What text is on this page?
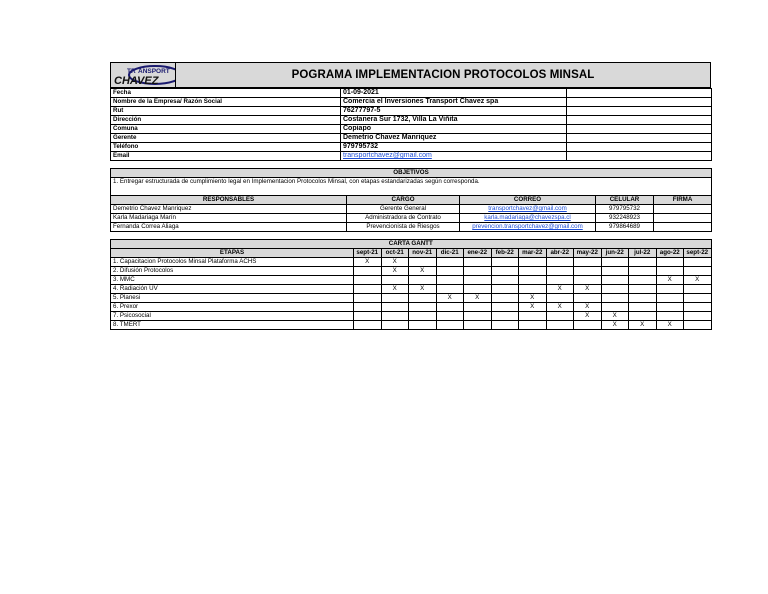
TR ANSPORT
CHAVEZ	POGRAMA IMPLEMENTACION PROTOCOLOS MINSAL
Fecha	01-09-2021	
Nombre de la Empresa/ Razón Social	Comercia el Inversiones Transport Chavez spa	
Rut	76277797-5	
Dirección	Costanera Sur 1732, Villa La Viñita	
Comuna	Copiapo	
Gerente	Demetrio Chavez Manriquez	
Teléfono	979795732	
Email	transportchavez@gmail.com	
OBJETIVOS				
1. Entregar estructurada de cumplimiento legal en Implementacion Protocolos Minsal, con etapas estandarizadas según corresponda.				
RESPONSABLES	CARGO	CORREO	CELULAR	FIRMA
Demetrio Chavez Manriquez	Gerente General	transportchavez@gmail.com	979795732	
Karla Madariaga Marín	Administradora de Contrato	karla.madariaga@chavezspa.cl	932248923	
Fernanda Correa Aliaga	Prevencionista de Riesgos	prevencion.transportchavez@gmail.com	979864689	
CARTA GANTT													
ETAPAS	sept-21	oct-21	nov-21	dic-21	ene-22	feb-22	mar-22	abr-22	may-22	jun-22	jul-22	ago-22	sept-22
1. Capacitacion Protocolos Minsal Plataforma ACHS	X	X											
2. Difusión Protocolos		X	X										
3. MMC												X	X
4. Radiación UV		X	X					X	X				
5. Planesi				X	X		X						
6. Prexor							X	X	X				
7. Psicosocial									X	X			
8. TMERT										X	X	X	
